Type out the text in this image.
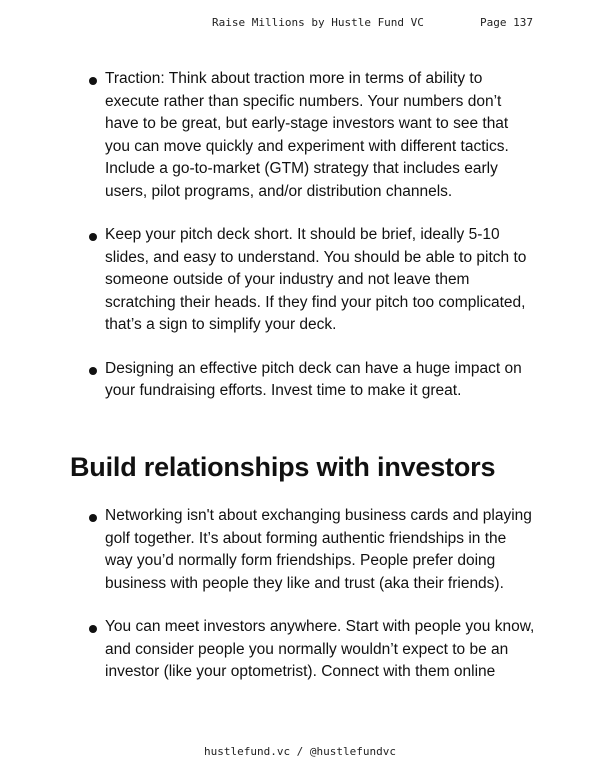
Raise Millions by Hustle Fund VC	Page 137
Traction: Think about traction more in terms of ability to execute rather than specific numbers. Your numbers don’t have to be great, but early-stage investors want to see that you can move quickly and experiment with different tactics. Include a go-to-market (GTM) strategy that includes early users, pilot programs, and/or distribution channels.
Keep your pitch deck short. It should be brief, ideally 5-10 slides, and easy to understand. You should be able to pitch to someone outside of your industry and not leave them scratching their heads. If they find your pitch too complicated, that’s a sign to simplify your deck.
Designing an effective pitch deck can have a huge impact on your fundraising efforts. Invest time to make it great.
Build relationships with investors
Networking isn't about exchanging business cards and playing golf together. It’s about forming authentic friendships in the way you’d normally form friendships. People prefer doing business with people they like and trust (aka their friends).
You can meet investors anywhere. Start with people you know, and consider people you normally wouldn’t expect to be an investor (like your optometrist). Connect with them online
hustlefund.vc / @hustlefundvc
